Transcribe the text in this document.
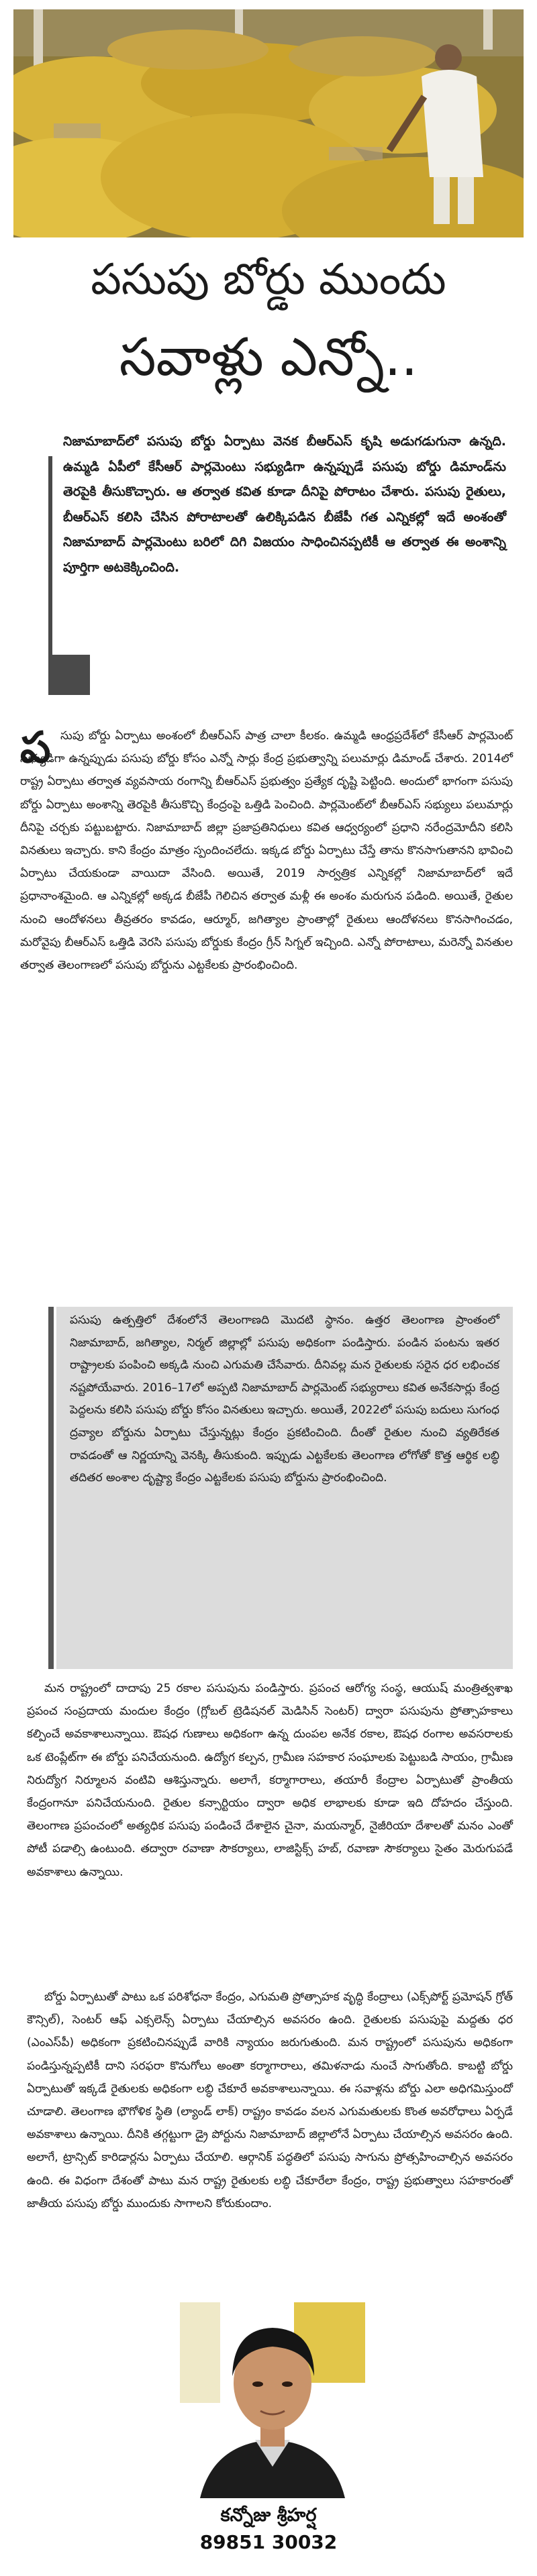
పసుపు బోర్డు ముందు
సవాళ్లు ఎన్నో..
నిజామాబాద్‌లో పసుపు బోర్డు ఏర్పాటు వెనక బీఆర్‌ఎస్ కృషి అడుగడుగునా ఉన్నది. ఉమ్మడి ఏపీలో కేసీఆర్ పార్లమెంటు సభ్యుడిగా ఉన్నప్పుడే పసుపు బోర్డు డిమాండ్‌ను తెరపైకి తీసుకొచ్చారు. ఆ తర్వాత కవిత కూడా దీనిపై పోరాటం చేశారు. పసుపు రైతులు, బీఆర్ఎస్ కలిసి చేసిన పోరాటాలతో ఉలిక్కిపడిన బీజేపీ గత ఎన్నికల్లో ఇదే అంశంతో నిజామాబాద్ పార్లమెంటు బరిలో దిగి విజయం సాధించినప్పటికీ ఆ తర్వాత ఈ అంశాన్ని పూర్తిగా అటకెక్కించింది.
ప సుపు బోర్డు ఏర్పాటు అంశంలో బీఆర్ఎస్ పాత్ర చాలా కీలకం. ఉమ్మడి ఆంధ్రప్రదేశ్‌లో కేసీఆర్ పార్లమెంట్ సభ్యుడిగా ఉన్నప్పుడు పసుపు బోర్డు కోసం ఎన్నో సార్లు కేంద్ర ప్రభుత్వాన్ని పలుమార్లు డిమాండ్ చేశారు. 2014లో రాష్ట్ర ఏర్పాటు తర్వాత వ్యవసాయ రంగాన్ని బీఆర్ఎస్ ప్రభుత్వం ప్రత్యేక దృష్టి పెట్టింది. అందులో భాగంగా పసుపు బోర్డు ఏర్పాటు అంశాన్ని తెరపైకి తీసుకొచ్చి కేంద్రంపై ఒత్తిడి పెంచింది. పార్లమెంట్‌లో బీఆర్ఎస్ సభ్యులు పలుమార్లు దీనిపై చర్చకు పట్టుబట్టారు. నిజామాబాద్ జిల్లా ప్రజాప్రతినిధులు కవిత ఆధ్వర్యంలో ప్రధాని నరేంద్రమోదీని కలిసి వినతులు ఇచ్చారు. కాని కేంద్రం మాత్రం స్పందించలేదు. ఇక్కడ బోర్డు ఏర్పాటు చేస్తే తాను కొనసాగుతానని భావించి ఏర్పాటు చేయకుండా వాయిదా వేసింది. అయితే, 2019 సార్వత్రిక ఎన్నికల్లో నిజామాబాద్‌లో ఇదే ప్రధానాంశమైంది. ఆ ఎన్నికల్లో అక్కడ బీజేపీ గెలిచిన తర్వాత మళ్లీ ఈ అంశం మరుగున పడింది. అయితే, రైతుల నుంచి ఆందోళనలు తీవ్రతరం కావడం, ఆర్మూర్, జగిత్యాల ప్రాంతాల్లో రైతులు ఆందోళనలు కొనసాగించడం, మరోవైపు బీఆర్ఎస్ ఒత్తిడి వెరసి పసుపు బోర్డుకు కేంద్రం గ్రీన్ సిగ్నల్ ఇచ్చింది. ఎన్నో పోరాటాలు, మరెన్నో వినతుల తర్వాత తెలంగాణలో పసుపు బోర్డును ఎట్టకేలకు ప్రారంభించింది.
పసుపు ఉత్పత్తిలో దేశంలోనే తెలంగాణది మొదటి స్థానం. ఉత్తర తెలంగాణ ప్రాంతంలో నిజామాబాద్, జగిత్యాల, నిర్మల్ జిల్లాల్లో పసుపు అధికంగా పండిస్తారు. పండిన పంటను ఇతర రాష్ట్రాలకు పంపించి అక్కడి నుంచి ఎగుమతి చేసేవారు. దీనివల్ల మన రైతులకు సరైన ధర లభించక నష్టపోయేవారు. 2016–17లో అప్పటి నిజామాబాద్ పార్లమెంట్ సభ్యురాలు కవిత అనేకసార్లు కేంద్ర పెద్దలను కలిసి పసుపు బోర్డు కోసం వినతులు ఇచ్చారు. అయితే, 2022లో పసుపు బదులు సుగంధ ద్రవ్యాల బోర్డును ఏర్పాటు చేస్తున్నట్లు కేంద్రం ప్రకటించింది. దీంతో రైతుల నుంచి వ్యతిరేకత రావడంతో ఆ నిర్ణయాన్ని వెనక్కి తీసుకుంది. ఇప్పుడు ఎట్టకేలకు తెలంగాణ లోగోతో కొత్త ఆర్థిక లబ్ధి తదితర అంశాల దృష్ట్యా కేంద్రం ఎట్టకేలకు పసుపు బోర్డును ప్రారంభించింది.
మన రాష్ట్రంలో దాదాపు 25 రకాల పసుపును పండిస్తారు. ప్రపంచ ఆరోగ్య సంస్థ, ఆయుష్ మంత్రిత్వశాఖ ప్రపంచ సంప్రదాయ మందుల కేంద్రం (గ్లోబల్ ట్రెడిషనల్ మెడిసిన్ సెంటర్) ద్వారా పసుపును ప్రోత్సాహకాలు కల్పించే అవకాశాలున్నాయి. ఔషధ గుణాలు అధికంగా ఉన్న దుంపల అనేక రకాల, ఔషధ రంగాల అవసరాలకు ఒక టెంప్లేట్‌గా ఈ బోర్డు పనిచేయనుంది. ఉద్యోగ కల్పన, గ్రామీణ సహకార సంఘాలకు పెట్టుబడి సాయం, గ్రామీణ నిరుద్యోగ నిర్మూలన వంటివి ఆశిస్తున్నారు. అలాగే, కర్మాగారాలు, తయారీ కేంద్రాల ఏర్పాటుతో ప్రాంతీయ కేంద్రంగానూ పనిచేయనుంది. రైతుల కన్సార్టియం ద్వారా అధిక లాభాలకు కూడా ఇది దోహదం చేస్తుంది. తెలంగాణ ప్రపంచంలో అత్యధిక పసుపు పండించే దేశాలైన చైనా, మయన్మార్, నైజీరియా దేశాలతో మనం ఎంతో పోటీ పడాల్సి ఉంటుంది. తద్వారా రవాణా సౌకర్యాలు, లాజిస్టిక్స్ హబ్, రవాణా సౌకర్యాలు సైతం మెరుగుపడే అవకాశాలు ఉన్నాయి.
బోర్డు ఏర్పాటుతో పాటు ఒక పరిశోధనా కేంద్రం, ఎగుమతి ప్రోత్సాహక వృద్ధి కేంద్రాలు (ఎక్స్‌పోర్ట్ ప్రమోషన్ గ్రోత్ కౌన్సిల్), సెంటర్ ఆఫ్ ఎక్సలెన్స్ ఏర్పాటు చేయాల్సిన అవసరం ఉంది. రైతులకు పసుపుపై మద్దతు ధర (ఎంఎస్‌పీ) అధికంగా ప్రకటించినప్పుడే వారికి న్యాయం జరుగుతుంది. మన రాష్ట్రంలో పసుపును అధికంగా పండిస్తున్నప్పటికీ దాని సరఫరా కొనుగోలు అంతా కర్మాగారాలు, తమిళనాడు నుంచే సాగుతోంది. కాబట్టి బోర్డు ఏర్పాటుతో ఇక్కడే రైతులకు అధికంగా లబ్ధి చేకూరే అవకాశాలున్నాయి. ఈ సవాళ్లను బోర్డు ఎలా అధిగమిస్తుందో చూడాలి. తెలంగాణ భౌగోళిక స్థితి (ల్యాండ్ లాక్) రాష్ట్రం కావడం వలన ఎగుమతులకు కొంత అవరోధాలు ఏర్పడే అవకాశాలు ఉన్నాయి. దీనికి తగ్గట్టుగా డ్రై పోర్టును నిజామాబాద్ జిల్లాలోనే ఏర్పాటు చేయాల్సిన అవసరం ఉంది. అలాగే, ట్రాన్సిట్ కారిడార్లను ఏర్పాటు చేయాలి. ఆర్గానిక్ పద్ధతిలో పసుపు సాగును ప్రోత్సహించాల్సిన అవసరం ఉంది. ఈ విధంగా దేశంతో పాటు మన రాష్ట్ర రైతులకు లబ్ధి చేకూరేలా కేంద్రం, రాష్ట్ర ప్రభుత్వాలు సహకారంతో జాతీయ పసుపు బోర్డు ముందుకు సాగాలని కోరుకుందాం.
కన్నోజు శ్రీహర్ష
89851 30032
